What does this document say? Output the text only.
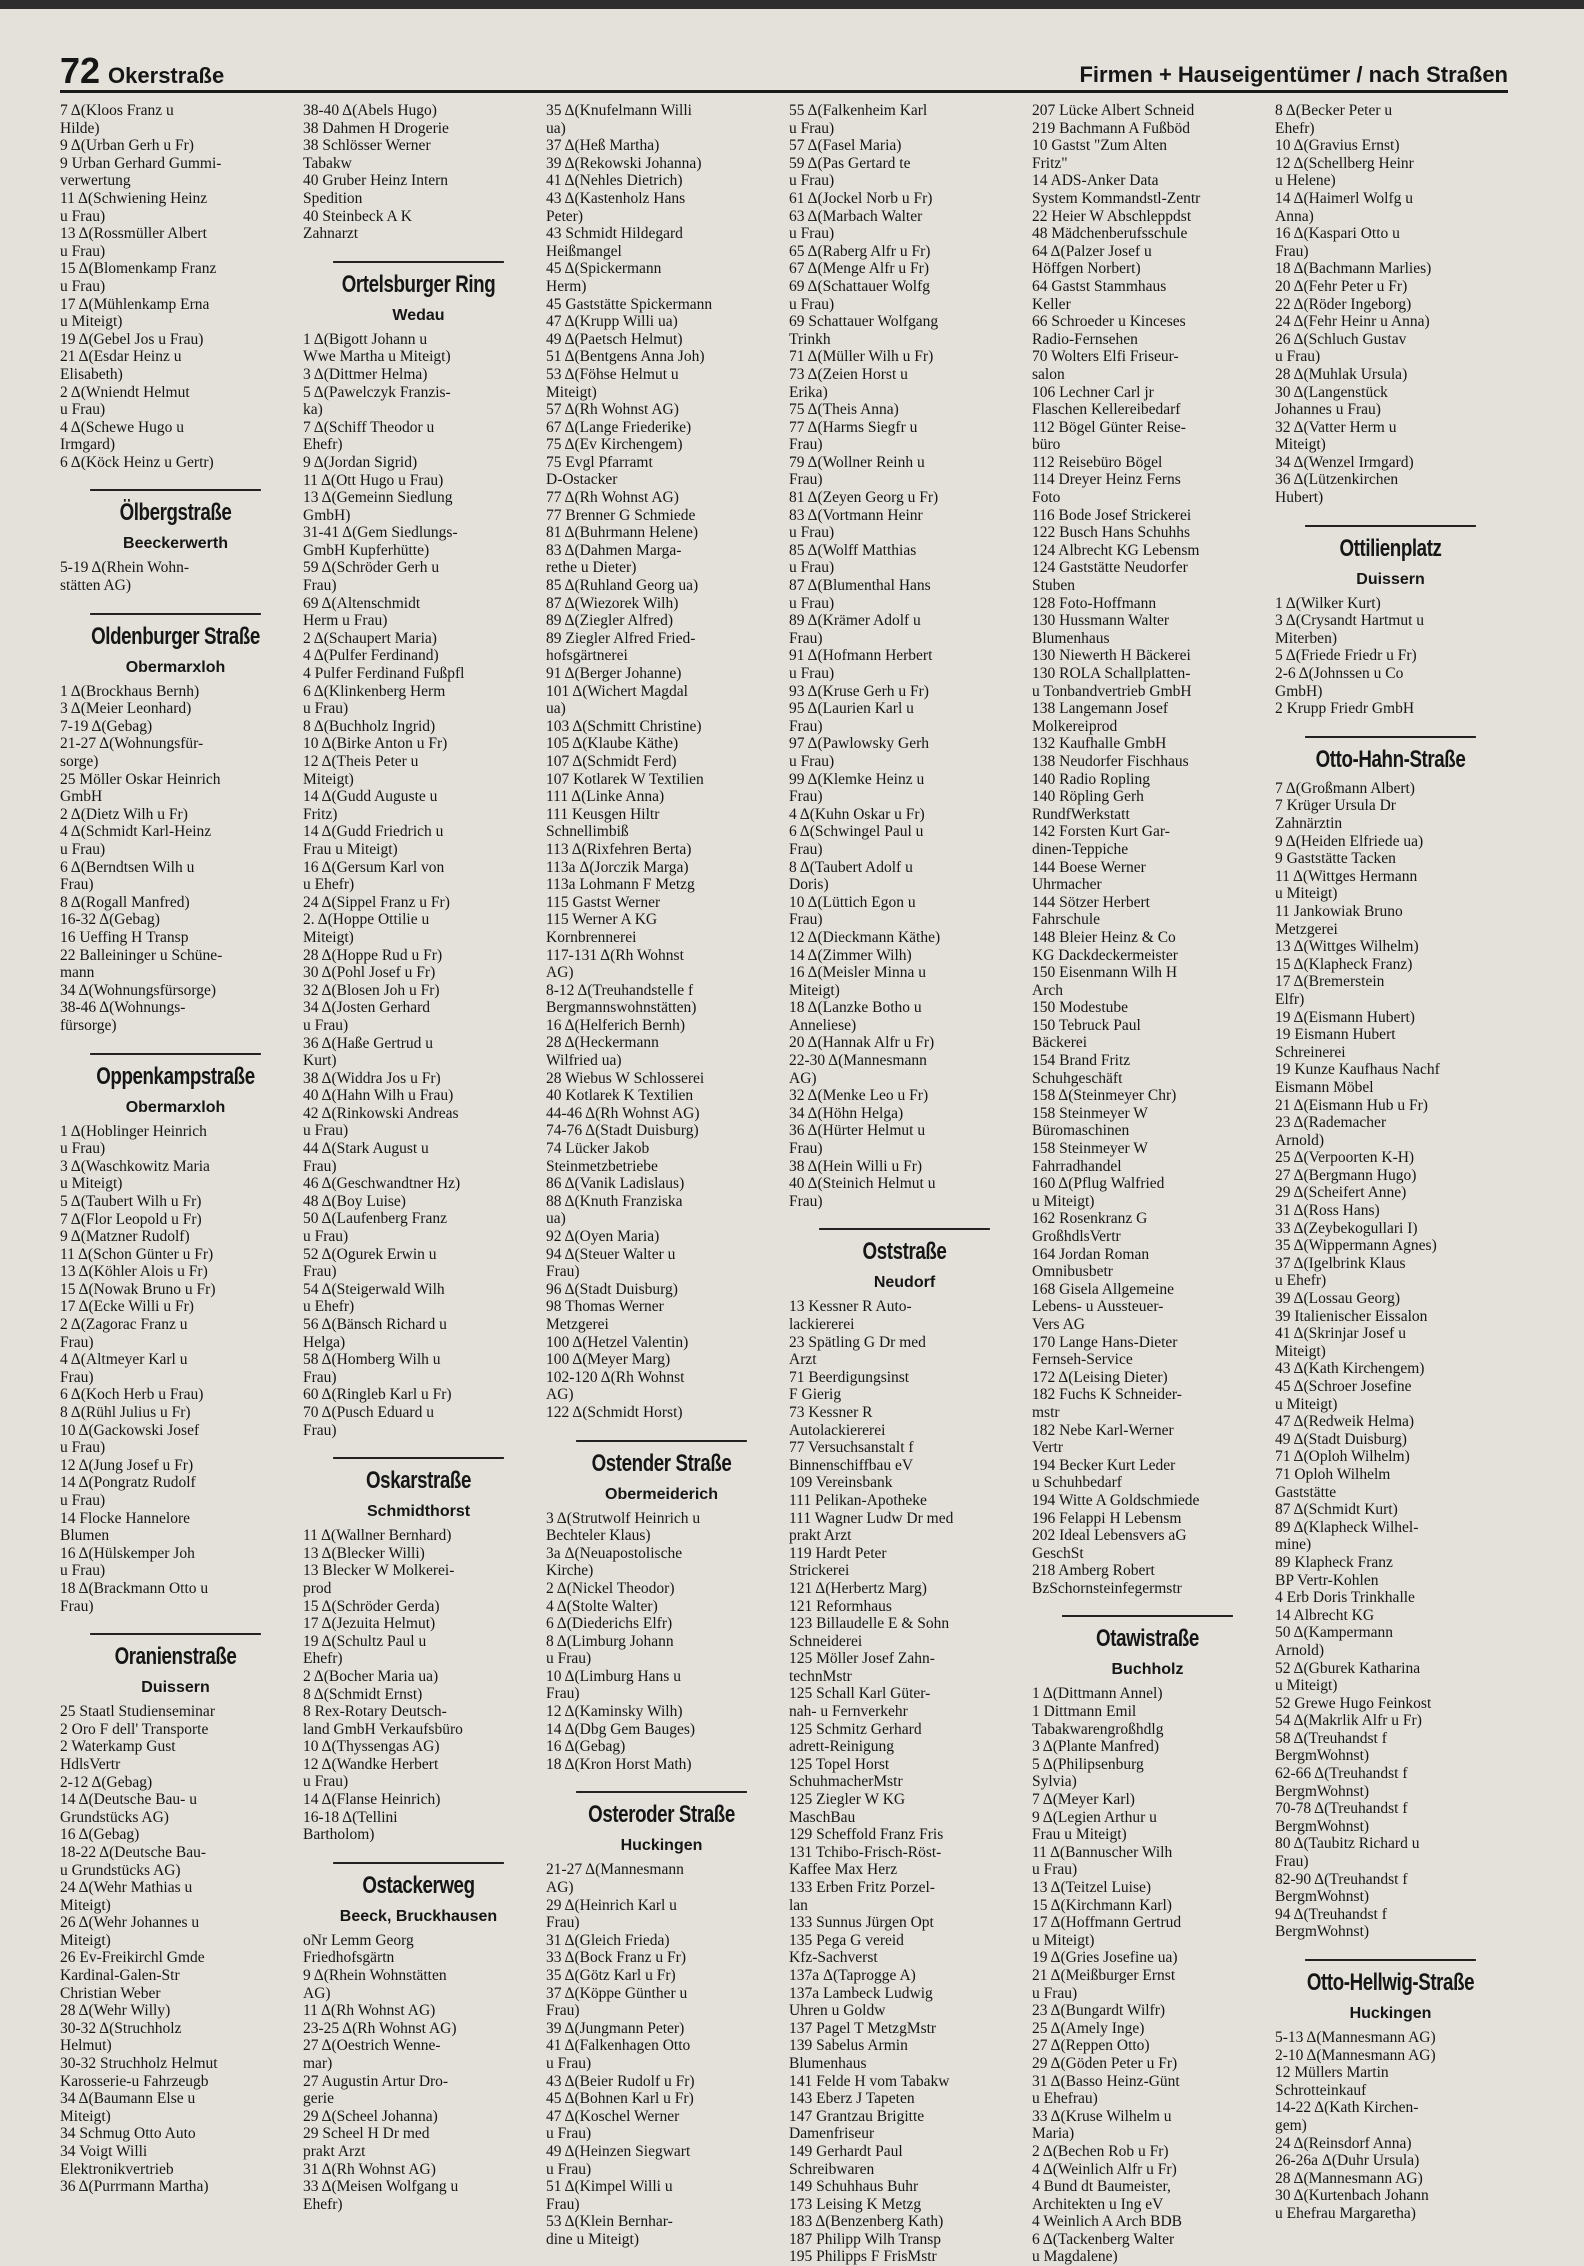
72 Okerstraße	Firmen + Hauseigentümer / nach Straßen

7 Δ(Kloos Franz u
Hilde)

9 Δ(Urban Gerh u Fr)

9 Urban Gerhard Gummi-
verwertung

11 Δ(Schwiening Heinz
u Frau)

13 Δ(Rossmüller Albert
u Frau)

15 Δ(Blomenkamp Franz
u Frau)

17 Δ(Mühlenkamp Erna
u Miteigt)

19 Δ(Gebel Jos u Frau)

21 Δ(Esdar Heinz u
Elisabeth)

2 Δ(Wniendt Helmut
u Frau)

4 Δ(Schewe Hugo u
Irmgard)

6 Δ(Köck Heinz u Gertr)

Ölbergstraße
Beeckerwerth

5-19 Δ(Rhein Wohn-
stätten AG)

Oldenburger Straße
Obermarxloh

1 Δ(Brockhaus Bernh)

3 Δ(Meier Leonhard)

7-19 Δ(Gebag)

21-27 Δ(Wohnungsfür-
sorge)

25 Möller Oskar Heinrich
GmbH

2 Δ(Dietz Wilh u Fr)

4 Δ(Schmidt Karl-Heinz
u Frau)

6 Δ(Berndtsen Wilh u
Frau)

8 Δ(Rogall Manfred)

16-32 Δ(Gebag)

16 Ueffing H Transp

22 Balleininger u Schüne-
mann

34 Δ(Wohnungsfürsorge)

38-46 Δ(Wohnungs-
fürsorge)

Oppenkampstraße
Obermarxloh

1 Δ(Hoblinger Heinrich
u Frau)

3 Δ(Waschkowitz Maria
u Miteigt)

5 Δ(Taubert Wilh u Fr)

7 Δ(Flor Leopold u Fr)

9 Δ(Matzner Rudolf)

11 Δ(Schon Günter u Fr)

13 Δ(Köhler Alois u Fr)

15 Δ(Nowak Bruno u Fr)

17 Δ(Ecke Willi u Fr)

2 Δ(Zagorac Franz u
Frau)

4 Δ(Altmeyer Karl u
Frau)

6 Δ(Koch Herb u Frau)

8 Δ(Rühl Julius u Fr)

10 Δ(Gackowski Josef
u Frau)

12 Δ(Jung Josef u Fr)

14 Δ(Pongratz Rudolf
u Frau)

14 Flocke Hannelore
Blumen

16 Δ(Hülskemper Joh
u Frau)

18 Δ(Brackmann Otto u
Frau)

Oranienstraße
Duissern

25 Staatl Studienseminar

2 Oro F dell' Transporte

2 Waterkamp Gust
HdlsVertr

2-12 Δ(Gebag)

14 Δ(Deutsche Bau- u
Grundstücks AG)

16 Δ(Gebag)

18-22 Δ(Deutsche Bau-
u Grundstücks AG)

24 Δ(Wehr Mathias u
Miteigt)

26 Δ(Wehr Johannes u
Miteigt)

26 Ev-Freikirchl Gmde
Kardinal-Galen-Str
Christian Weber

28 Δ(Wehr Willy)

30-32 Δ(Struchholz
Helmut)

30-32 Struchholz Helmut
Karosserie-u Fahrzeugb

34 Δ(Baumann Else u
Miteigt)

34 Schmug Otto Auto

34 Voigt Willi
Elektronikvertrieb

36 Δ(Purrmann Martha)

38-40 Δ(Abels Hugo)

38 Dahmen H Drogerie

38 Schlösser Werner
Tabakw

40 Gruber Heinz Intern
Spedition

40 Steinbeck A K
Zahnarzt

Ortelsburger Ring
Wedau

1 Δ(Bigott Johann u
Wwe Martha u Miteigt)

3 Δ(Dittmer Helma)

5 Δ(Pawelczyk Franzis-
ka)

7 Δ(Schiff Theodor u
Ehefr)

9 Δ(Jordan Sigrid)

11 Δ(Ott Hugo u Frau)

13 Δ(Gemeinn Siedlung
GmbH)

31-41 Δ(Gem Siedlungs-
GmbH Kupferhütte)

59 Δ(Schröder Gerh u
Frau)

69 Δ(Altenschmidt
Herm u Frau)

2 Δ(Schaupert Maria)

4 Δ(Pulfer Ferdinand)

4 Pulfer Ferdinand Fußpfl

6 Δ(Klinkenberg Herm
u Frau)

8 Δ(Buchholz Ingrid)

10 Δ(Birke Anton u Fr)

12 Δ(Theis Peter u
Miteigt)

14 Δ(Gudd Auguste u
Fritz)

14 Δ(Gudd Friedrich u
Frau u Miteigt)

16 Δ(Gersum Karl von
u Ehefr)

24 Δ(Sippel Franz u Fr)

2. Δ(Hoppe Ottilie u
Miteigt)

28 Δ(Hoppe Rud u Fr)

30 Δ(Pohl Josef u Fr)

32 Δ(Blosen Joh u Fr)

34 Δ(Josten Gerhard
u Frau)

36 Δ(Haße Gertrud u
Kurt)

38 Δ(Widdra Jos u Fr)

40 Δ(Hahn Wilh u Frau)

42 Δ(Rinkowski Andreas
u Frau)

44 Δ(Stark August u
Frau)

46 Δ(Geschwandtner Hz)

48 Δ(Boy Luise)

50 Δ(Laufenberg Franz
u Frau)

52 Δ(Ogurek Erwin u
Frau)

54 Δ(Steigerwald Wilh
u Ehefr)

56 Δ(Bänsch Richard u
Helga)

58 Δ(Homberg Wilh u
Frau)

60 Δ(Ringleb Karl u Fr)

70 Δ(Pusch Eduard u
Frau)

Oskarstraße
Schmidthorst

11 Δ(Wallner Bernhard)

13 Δ(Blecker Willi)

13 Blecker W Molkerei-
prod

15 Δ(Schröder Gerda)

17 Δ(Jezuita Helmut)

19 Δ(Schultz Paul u
Ehefr)

2 Δ(Bocher Maria ua)

8 Δ(Schmidt Ernst)

8 Rex-Rotary Deutsch-
land GmbH Verkaufsbüro

10 Δ(Thyssengas AG)

12 Δ(Wandke Herbert
u Frau)

14 Δ(Flanse Heinrich)

16-18 Δ(Tellini
Bartholom)

Ostackerweg
Beeck, Bruckhausen

oNr Lemm Georg
Friedhofsgärtn

9 Δ(Rhein Wohnstätten
AG)

11 Δ(Rh Wohnst AG)

23-25 Δ(Rh Wohnst AG)

27 Δ(Oestrich Wenne-
mar)

27 Augustin Artur Dro-
gerie

29 Δ(Scheel Johanna)

29 Scheel H Dr med
prakt Arzt

31 Δ(Rh Wohnst AG)

33 Δ(Meisen Wolfgang u
Ehefr)

35 Δ(Knufelmann Willi
ua)

37 Δ(Heß Martha)

39 Δ(Rekowski Johanna)

41 Δ(Nehles Dietrich)

43 Δ(Kastenholz Hans
Peter)

43 Schmidt Hildegard
Heißmangel

45 Δ(Spickermann
Herm)

45 Gaststätte Spickermann

47 Δ(Krupp Willi ua)

49 Δ(Paetsch Helmut)

51 Δ(Bentgens Anna Joh)

53 Δ(Föhse Helmut u
Miteigt)

57 Δ(Rh Wohnst AG)

67 Δ(Lange Friederike)

75 Δ(Ev Kirchengem)

75 Evgl Pfarramt
D-Ostacker

77 Δ(Rh Wohnst AG)

77 Brenner G Schmiede

81 Δ(Buhrmann Helene)

83 Δ(Dahmen Marga-
rethe u Dieter)

85 Δ(Ruhland Georg ua)

87 Δ(Wiezorek Wilh)

89 Δ(Ziegler Alfred)

89 Ziegler Alfred Fried-
hofsgärtnerei

91 Δ(Berger Johanne)

101 Δ(Wichert Magdal
ua)

103 Δ(Schmitt Christine)

105 Δ(Klaube Käthe)

107 Δ(Schmidt Ferd)

107 Kotlarek W Textilien

111 Δ(Linke Anna)

111 Keusgen Hiltr
Schnellimbiß

113 Δ(Rixfehren Berta)

113a Δ(Jorczik Marga)

113a Lohmann F Metzg

115 Gastst Werner

115 Werner A KG
Kornbrennerei

117-131 Δ(Rh Wohnst
AG)

8-12 Δ(Treuhandstelle f
Bergmannswohnstätten)

16 Δ(Helferich Bernh)

28 Δ(Heckermann
Wilfried ua)

28 Wiebus W Schlosserei

40 Kotlarek K Textilien

44-46 Δ(Rh Wohnst AG)

74-76 Δ(Stadt Duisburg)

74 Lücker Jakob
Steinmetzbetriebe

86 Δ(Vanik Ladislaus)

88 Δ(Knuth Franziska
ua)

92 Δ(Oyen Maria)

94 Δ(Steuer Walter u
Frau)

96 Δ(Stadt Duisburg)

98 Thomas Werner
Metzgerei

100 Δ(Hetzel Valentin)

100 Δ(Meyer Marg)

102-120 Δ(Rh Wohnst
AG)

122 Δ(Schmidt Horst)

Ostender Straße
Obermeiderich

3 Δ(Strutwolf Heinrich u
Bechteler Klaus)

3a Δ(Neuapostolische
Kirche)

2 Δ(Nickel Theodor)

4 Δ(Stolte Walter)

6 Δ(Diederichs Elfr)

8 Δ(Limburg Johann
u Frau)

10 Δ(Limburg Hans u
Frau)

12 Δ(Kaminsky Wilh)

14 Δ(Dbg Gem Bauges)

16 Δ(Gebag)

18 Δ(Kron Horst Math)

Osteroder Straße
Huckingen

21-27 Δ(Mannesmann
AG)

29 Δ(Heinrich Karl u
Frau)

31 Δ(Gleich Frieda)

33 Δ(Bock Franz u Fr)

35 Δ(Götz Karl u Fr)

37 Δ(Köppe Günther u
Frau)

39 Δ(Jungmann Peter)

41 Δ(Falkenhagen Otto
u Frau)

43 Δ(Beier Rudolf u Fr)

45 Δ(Bohnen Karl u Fr)

47 Δ(Koschel Werner
u Frau)

49 Δ(Heinzen Siegwart
u Frau)

51 Δ(Kimpel Willi u
Frau)

53 Δ(Klein Bernhar-
dine u Miteigt)

55 Δ(Falkenheim Karl
u Frau)

57 Δ(Fasel Maria)

59 Δ(Pas Gertard te
u Frau)

61 Δ(Jockel Norb u Fr)

63 Δ(Marbach Walter
u Frau)

65 Δ(Raberg Alfr u Fr)

67 Δ(Menge Alfr u Fr)

69 Δ(Schattauer Wolfg
u Frau)

69 Schattauer Wolfgang
Trinkh

71 Δ(Müller Wilh u Fr)

73 Δ(Zeien Horst u
Erika)

75 Δ(Theis Anna)

77 Δ(Harms Siegfr u
Frau)

79 Δ(Wollner Reinh u
Frau)

81 Δ(Zeyen Georg u Fr)

83 Δ(Vortmann Heinr
u Frau)

85 Δ(Wolff Matthias
u Frau)

87 Δ(Blumenthal Hans
u Frau)

89 Δ(Krämer Adolf u
Frau)

91 Δ(Hofmann Herbert
u Frau)

93 Δ(Kruse Gerh u Fr)

95 Δ(Laurien Karl u
Frau)

97 Δ(Pawlowsky Gerh
u Frau)

99 Δ(Klemke Heinz u
Frau)

4 Δ(Kuhn Oskar u Fr)

6 Δ(Schwingel Paul u
Frau)

8 Δ(Taubert Adolf u
Doris)

10 Δ(Lüttich Egon u
Frau)

12 Δ(Dieckmann Käthe)

14 Δ(Zimmer Wilh)

16 Δ(Meisler Minna u
Miteigt)

18 Δ(Lanzke Botho u
Anneliese)

20 Δ(Hannak Alfr u Fr)

22-30 Δ(Mannesmann
AG)

32 Δ(Menke Leo u Fr)

34 Δ(Höhn Helga)

36 Δ(Hürter Helmut u
Frau)

38 Δ(Hein Willi u Fr)

40 Δ(Steinich Helmut u
Frau)

Oststraße
Neudorf

13 Kessner R Auto-
lackiererei

23 Spätling G Dr med
Arzt

71 Beerdigungsinst
F Gierig

73 Kessner R
Autolackiererei

77 Versuchsanstalt f
Binnenschiffbau eV

109 Vereinsbank

111 Pelikan-Apotheke

111 Wagner Ludw Dr med
prakt Arzt

119 Hardt Peter
Strickerei

121 Δ(Herbertz Marg)

121 Reformhaus

123 Billaudelle E & Sohn
Schneiderei

125 Möller Josef Zahn-
technMstr

125 Schall Karl Güter-
nah- u Fernverkehr

125 Schmitz Gerhard
adrett-Reinigung

125 Topel Horst
SchuhmacherMstr

125 Ziegler W KG
MaschBau

129 Scheffold Franz Fris

131 Tchibo-Frisch-Röst-
Kaffee Max Herz

133 Erben Fritz Porzel-
lan

133 Sunnus Jürgen Opt

135 Pega G vereid
Kfz-Sachverst

137a Δ(Taprogge A)

137a Lambeck Ludwig
Uhren u Goldw

137 Pagel T MetzgMstr

139 Sabelus Armin
Blumenhaus

141 Felde H vom Tabakw

143 Eberz J Tapeten

147 Grantzau Brigitte
Damenfriseur

149 Gerhardt Paul
Schreibwaren

149 Schuhhaus Buhr

173 Leising K Metzg

183 Δ(Benzenberg Kath)

187 Philipp Wilh Transp

195 Philipps F FrisMstr

207 Lücke Albert Schneid

219 Bachmann A Fußböd

10 Gastst "Zum Alten
Fritz"

14 ADS-Anker Data
System Kommandstl-Zentr

22 Heier W Abschleppdst

48 Mädchenberufsschule

64 Δ(Palzer Josef u
Höffgen Norbert)

64 Gastst Stammhaus
Keller

66 Schroeder u Kinceses
Radio-Fernsehen

70 Wolters Elfi Friseur-
salon

106 Lechner Carl jr
Flaschen Kellereibedarf

112 Bögel Günter Reise-
büro

112 Reisebüro Bögel

114 Dreyer Heinz Ferns
Foto

116 Bode Josef Strickerei

122 Busch Hans Schuhhs

124 Albrecht KG Lebensm

124 Gaststätte Neudorfer
Stuben

128 Foto-Hoffmann

130 Hussmann Walter
Blumenhaus

130 Niewerth H Bäckerei

130 ROLA Schallplatten-
u Tonbandvertrieb GmbH

138 Langemann Josef
Molkereiprod

132 Kaufhalle GmbH

138 Neudorfer Fischhaus

140 Radio Ropling

140 Röpling Gerh
RundfWerkstatt

142 Forsten Kurt Gar-
dinen-Teppiche

144 Boese Werner
Uhrmacher

144 Sötzer Herbert
Fahrschule

148 Bleier Heinz & Co
KG Dackdeckermeister

150 Eisenmann Wilh H
Arch

150 Modestube

150 Tebruck Paul
Bäckerei

154 Brand Fritz
Schuhgeschäft

158 Δ(Steinmeyer Chr)

158 Steinmeyer W
Büromaschinen

158 Steinmeyer W
Fahrradhandel

160 Δ(Pflug Walfried
u Miteigt)

162 Rosenkranz G
GroßhdlsVertr

164 Jordan Roman
Omnibusbetr

168 Gisela Allgemeine
Lebens- u Aussteuer-
Vers AG

170 Lange Hans-Dieter
Fernseh-Service

172 Δ(Leising Dieter)

182 Fuchs K Schneider-
mstr

182 Nebe Karl-Werner
Vertr

194 Becker Kurt Leder
u Schuhbedarf

194 Witte A Goldschmiede

196 Felappi H Lebensm

202 Ideal Lebensvers aG
GeschSt

218 Amberg Robert
BzSchornsteinfegermstr

Otawistraße
Buchholz

1 Δ(Dittmann Annel)

1 Dittmann Emil
Tabakwarengroßhdlg

3 Δ(Plante Manfred)

5 Δ(Philipsenburg
Sylvia)

7 Δ(Meyer Karl)

9 Δ(Legien Arthur u
Frau u Miteigt)

11 Δ(Bannuscher Wilh
u Frau)

13 Δ(Teitzel Luise)

15 Δ(Kirchmann Karl)

17 Δ(Hoffmann Gertrud
u Miteigt)

19 Δ(Gries Josefine ua)

21 Δ(Meißburger Ernst
u Frau)

23 Δ(Bungardt Wilfr)

25 Δ(Amely Inge)

27 Δ(Reppen Otto)

29 Δ(Göden Peter u Fr)

31 Δ(Basso Heinz-Günt
u Ehefrau)

33 Δ(Kruse Wilhelm u
Maria)

2 Δ(Bechen Rob u Fr)

4 Δ(Weinlich Alfr u Fr)

4 Bund dt Baumeister,
Architekten u Ing eV

4 Weinlich A Arch BDB

6 Δ(Tackenberg Walter
u Magdalene)

8 Δ(Becker Peter u
Ehefr)

10 Δ(Gravius Ernst)

12 Δ(Schellberg Heinr
u Helene)

14 Δ(Haimerl Wolfg u
Anna)

16 Δ(Kaspari Otto u
Frau)

18 Δ(Bachmann Marlies)

20 Δ(Fehr Peter u Fr)

22 Δ(Röder Ingeborg)

24 Δ(Fehr Heinr u Anna)

26 Δ(Schluch Gustav
u Frau)

28 Δ(Muhlak Ursula)

30 Δ(Langenstück
Johannes u Frau)

32 Δ(Vatter Herm u
Miteigt)

34 Δ(Wenzel Irmgard)

36 Δ(Lützenkirchen
Hubert)

Ottilienplatz
Duissern

1 Δ(Wilker Kurt)

3 Δ(Crysandt Hartmut u
Miterben)

5 Δ(Friede Friedr u Fr)

2-6 Δ(Johnssen u Co
GmbH)

2 Krupp Friedr GmbH

Otto-Hahn-Straße

7 Δ(Großmann Albert)

7 Krüger Ursula Dr
Zahnärztin

9 Δ(Heiden Elfriede ua)

9 Gaststätte Tacken

11 Δ(Wittges Hermann
u Miteigt)

11 Jankowiak Bruno
Metzgerei

13 Δ(Wittges Wilhelm)

15 Δ(Klapheck Franz)

17 Δ(Bremerstein
Elfr)

19 Δ(Eismann Hubert)

19 Eismann Hubert
Schreinerei

19 Kunze Kaufhaus Nachf
Eismann Möbel

21 Δ(Eismann Hub u Fr)

23 Δ(Rademacher
Arnold)

25 Δ(Verpoorten K-H)

27 Δ(Bergmann Hugo)

29 Δ(Scheifert Anne)

31 Δ(Ross Hans)

33 Δ(Zeybekogullari I)

35 Δ(Wippermann Agnes)

37 Δ(Igelbrink Klaus
u Ehefr)

39 Δ(Lossau Georg)

39 Italienischer Eissalon

41 Δ(Skrinjar Josef u
Miteigt)

43 Δ(Kath Kirchengem)

45 Δ(Schroer Josefine
u Miteigt)

47 Δ(Redweik Helma)

49 Δ(Stadt Duisburg)

71 Δ(Oploh Wilhelm)

71 Oploh Wilhelm
Gaststätte

87 Δ(Schmidt Kurt)

89 Δ(Klapheck Wilhel-
mine)

89 Klapheck Franz
BP Vertr-Kohlen

4 Erb Doris Trinkhalle

14 Albrecht KG

50 Δ(Kampermann
Arnold)

52 Δ(Gburek Katharina
u Miteigt)

52 Grewe Hugo Feinkost

54 Δ(Makrlik Alfr u Fr)

58 Δ(Treuhandst f
BergmWohnst)

62-66 Δ(Treuhandst f
BergmWohnst)

70-78 Δ(Treuhandst f
BergmWohnst)

80 Δ(Taubitz Richard u
Frau)

82-90 Δ(Treuhandst f
BergmWohnst)

94 Δ(Treuhandst f
BergmWohnst)

Otto-Hellwig-Straße
Huckingen

5-13 Δ(Mannesmann AG)

2-10 Δ(Mannesmann AG)

12 Müllers Martin
Schrotteinkauf

14-22 Δ(Kath Kirchen-
gem)

24 Δ(Reinsdorf Anna)

26-26a Δ(Duhr Ursula)

28 Δ(Mannesmann AG)

30 Δ(Kurtenbach Johann
u Ehefrau Margaretha)
